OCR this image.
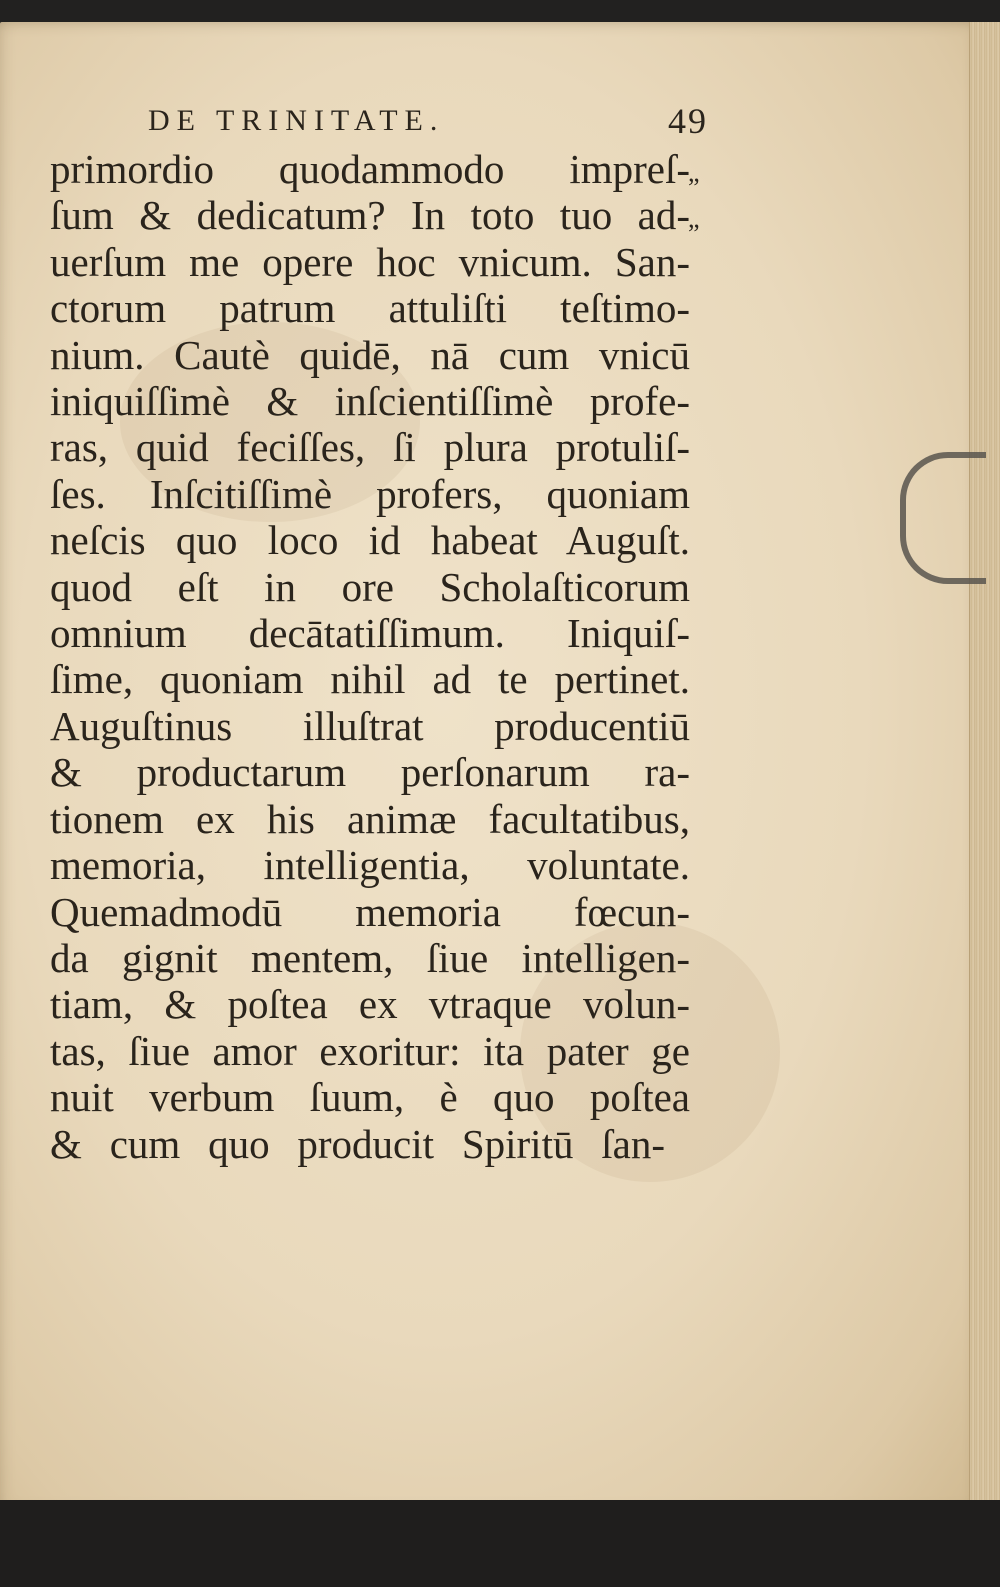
DE TRINITATE.	49
primordio quodammodo impreſ-
ſum & dedicatum? In toto tuo ad-
uerſum me opere hoc vnicum. San-
ctorum patrum attuliſti teſtimo-
nium. Cautè quidē, nā cum vnicū
iniquiſſimè & inſcientiſſimè profe-
ras, quid feciſſes, ſi plura protuliſ-
ſes. Inſcitiſſimè profers, quoniam
neſcis quo loco id habeat Auguſt.
quod eſt in ore Scholaſticorum
omnium decātatiſſimum. Iniquiſ-
ſime, quoniam nihil ad te pertinet.
Auguſtinus illuſtrat producentiū
& productarum perſonarum ra-
tionem ex his animæ facultatibus,
memoria, intelligentia, voluntate.
Quemadmodū memoria fœcun-
da gignit mentem, ſiue intelligen-
tiam, & poſtea ex vtraque volun-
tas, ſiue amor exoritur: ita pater ge
nuit verbum ſuum, è quo poſtea
& cum quo producit Spiritū ſan-
„
„
